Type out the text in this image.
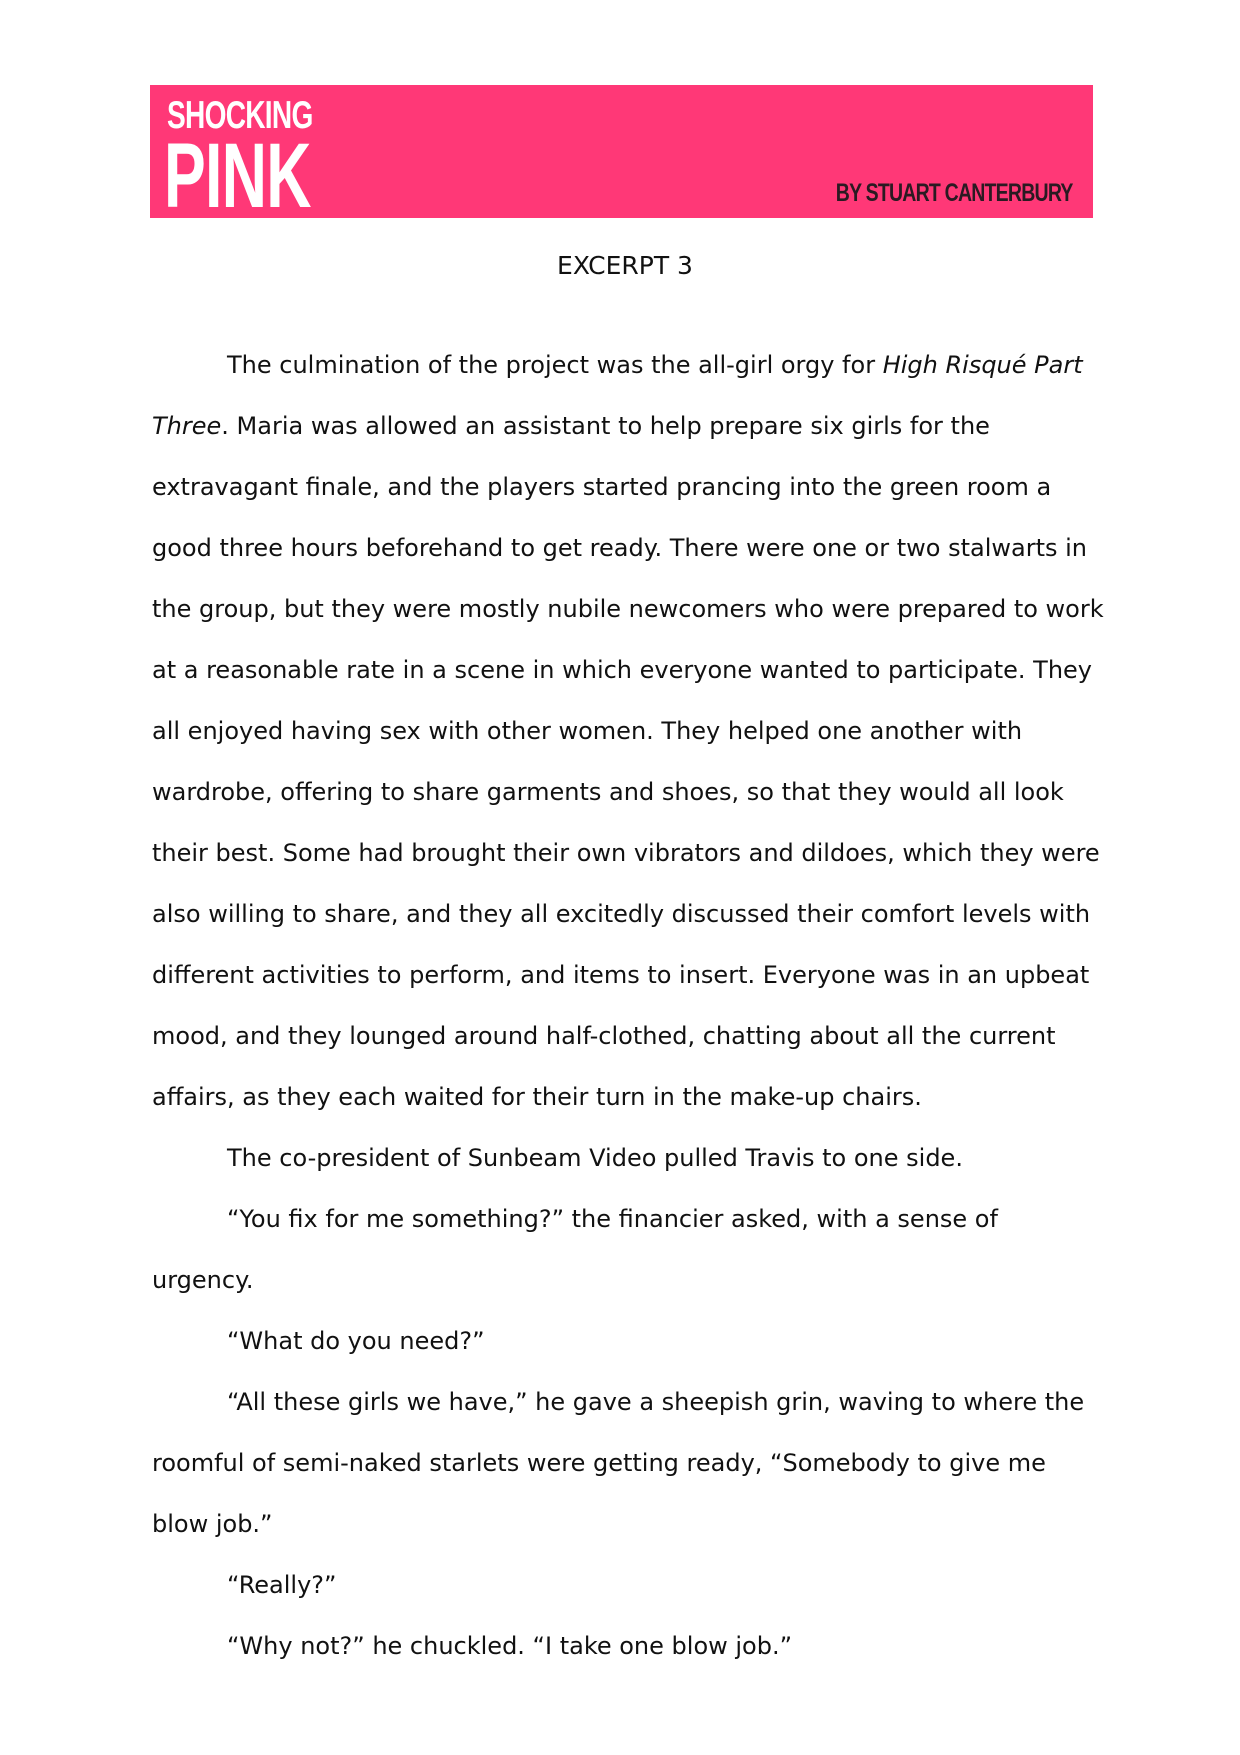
SHOCKING
PINK	BY STUART CANTERBURY
EXCERPT 3

The culmination of the project was the all-girl orgy for High Risqué Part Three. Maria was allowed an assistant to help prepare six girls for the extravagant finale, and the players started prancing into the green room a good three hours beforehand to get ready. There were one or two stalwarts in the group, but they were mostly nubile newcomers who were prepared to work at a reasonable rate in a scene in which everyone wanted to participate. They all enjoyed having sex with other women. They helped one another with wardrobe, offering to share garments and shoes, so that they would all look their best. Some had brought their own vibrators and dildoes, which they were also willing to share, and they all excitedly discussed their comfort levels with different activities to perform, and items to insert. Everyone was in an upbeat mood, and they lounged around half-clothed, chatting about all the current affairs, as they each waited for their turn in the make-up chairs.

The co-president of Sunbeam Video pulled Travis to one side.

“You fix for me something?” the financier asked, with a sense of urgency.

“What do you need?”

“All these girls we have,” he gave a sheepish grin, waving to where the roomful of semi-naked starlets were getting ready, “Somebody to give me blow job.”

“Really?”

“Why not?” he chuckled. “I take one blow job.”
